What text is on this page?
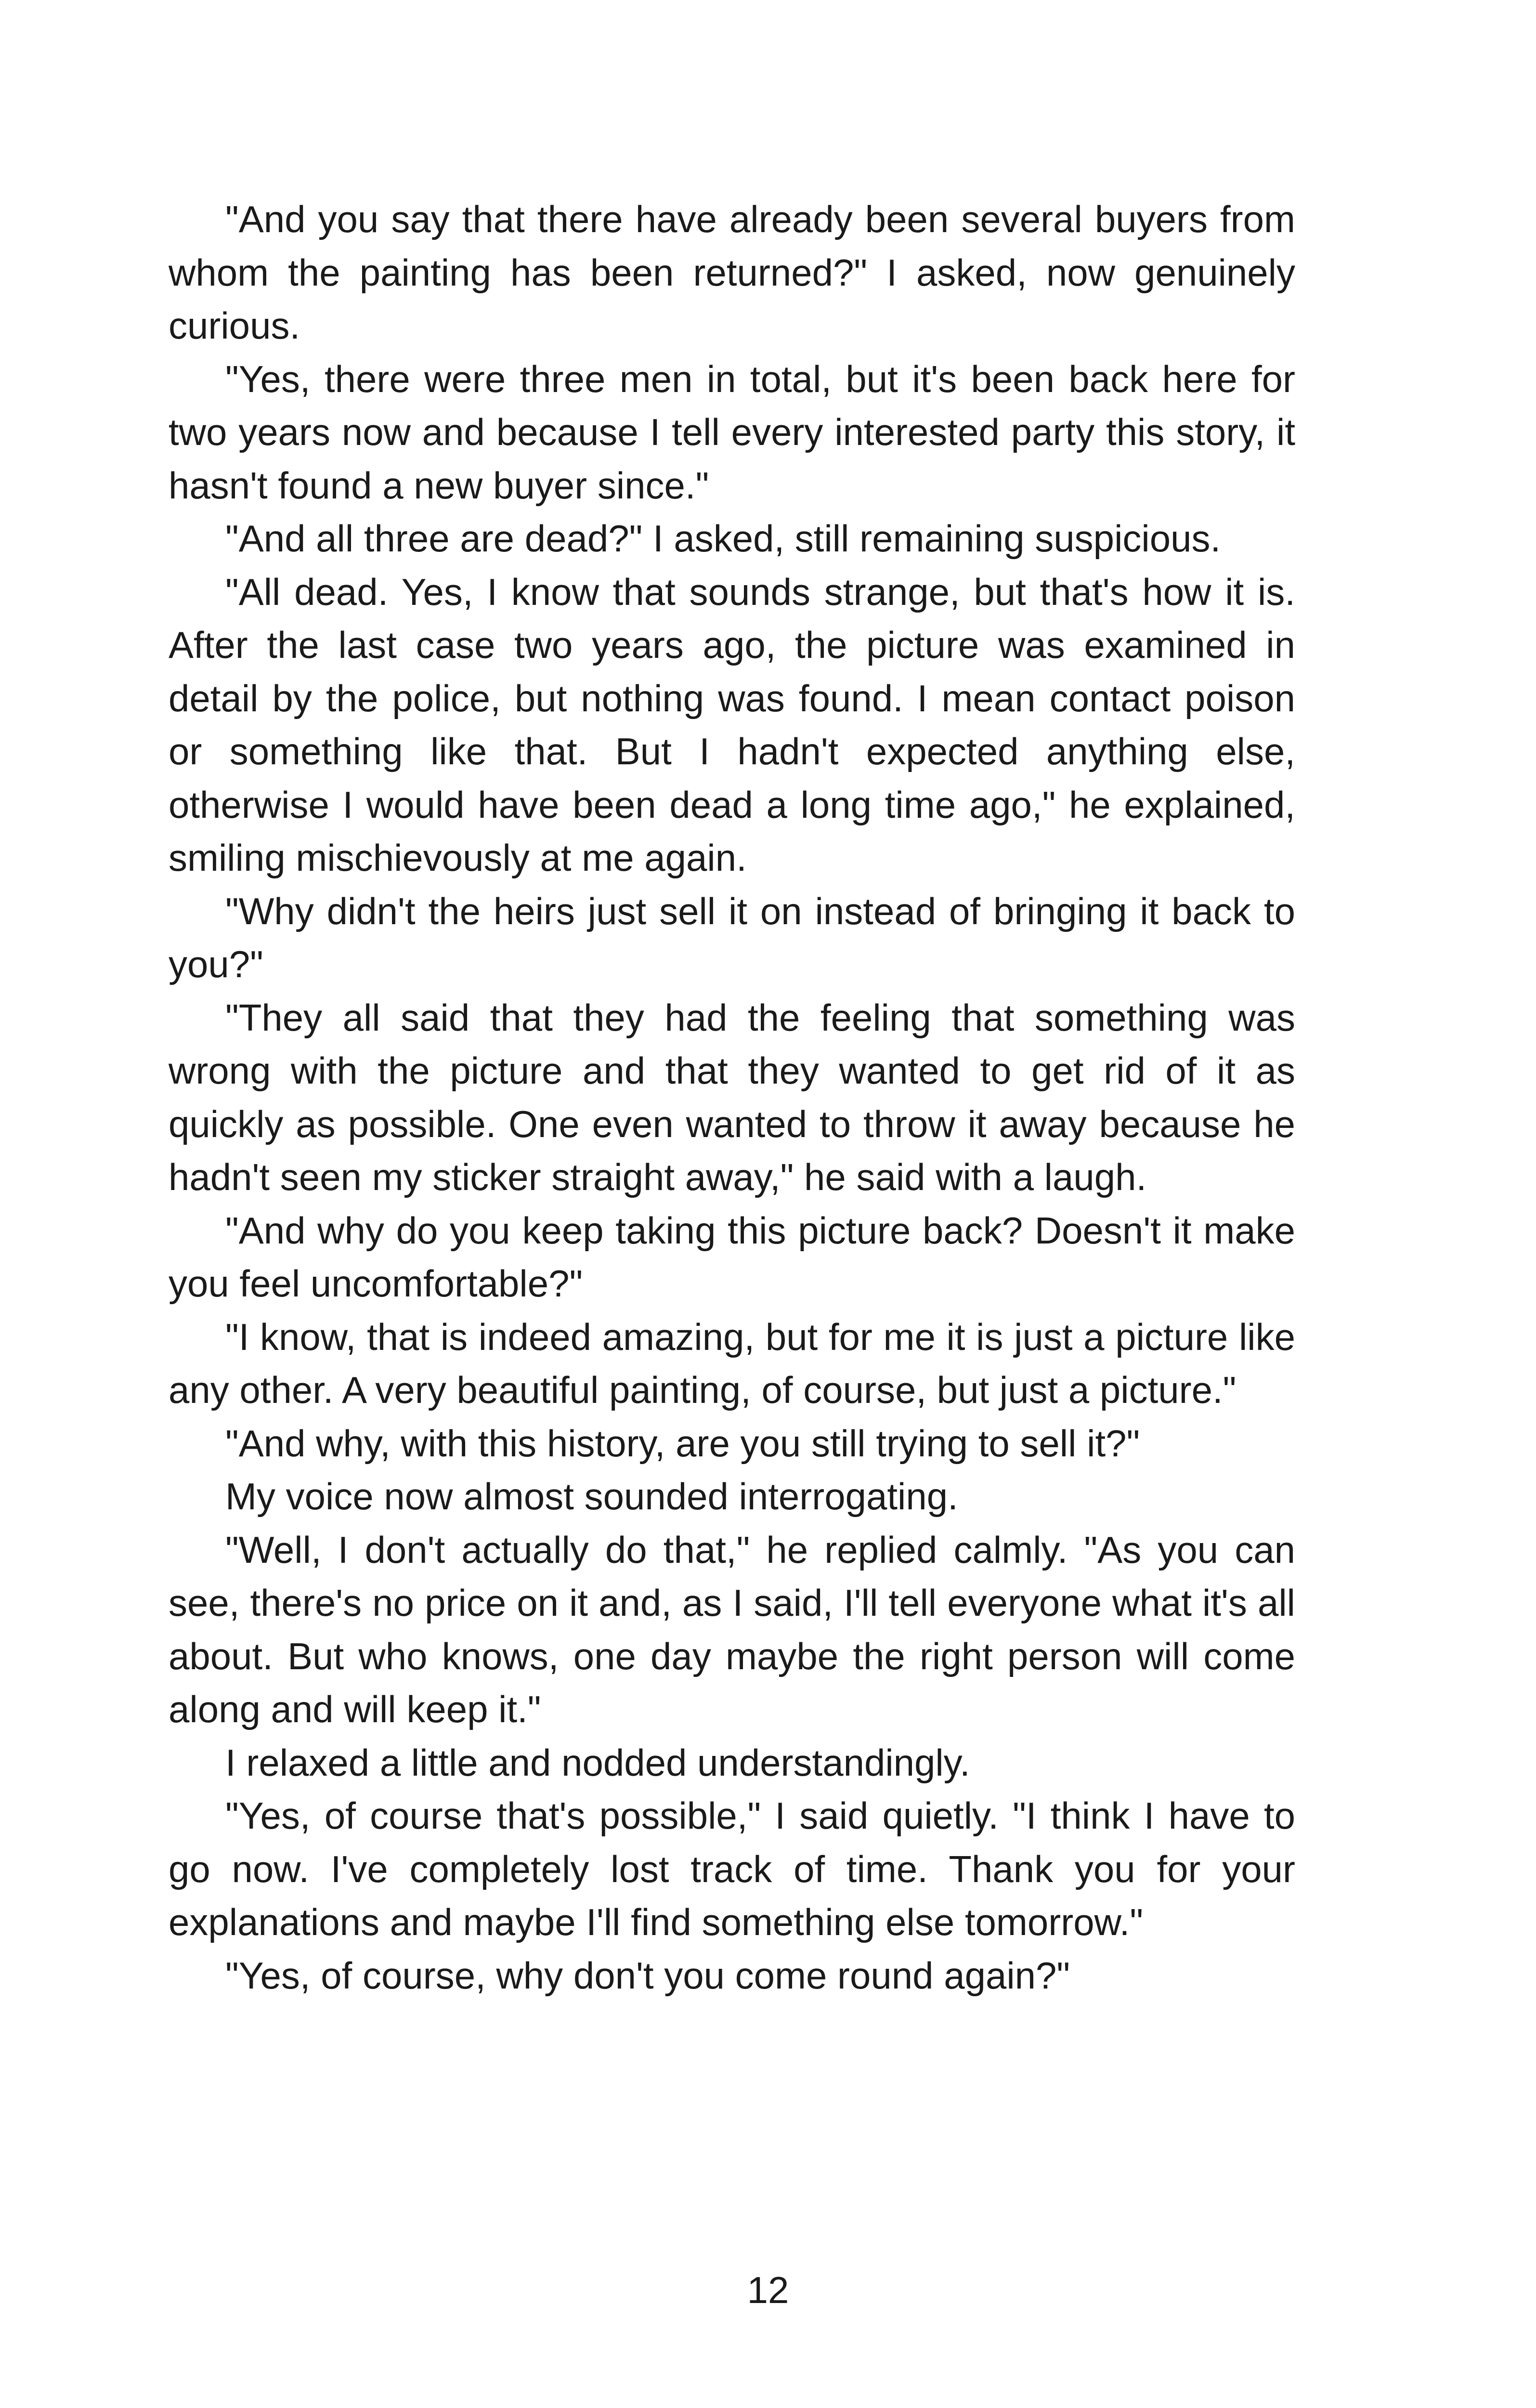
"And you say that there have already been several buyers from whom the painting has been returned?" I asked, now genuinely curious.

"Yes, there were three men in total, but it's been back here for two years now and because I tell every interested party this story, it hasn't found a new buyer since."

"And all three are dead?" I asked, still remaining suspicious.

"All dead. Yes, I know that sounds strange, but that's how it is. After the last case two years ago, the picture was examined in detail by the police, but nothing was found. I mean contact poison or something like that. But I hadn't expected anything else, otherwise I would have been dead a long time ago," he explained, smiling mischievously at me again.

"Why didn't the heirs just sell it on instead of bringing it back to you?"

"They all said that they had the feeling that something was wrong with the picture and that they wanted to get rid of it as quickly as possible. One even wanted to throw it away because he hadn't seen my sticker straight away," he said with a laugh.

"And why do you keep taking this picture back? Doesn't it make you feel uncomfortable?"

"I know, that is indeed amazing, but for me it is just a picture like any other. A very beautiful painting, of course, but just a picture."

"And why, with this history, are you still trying to sell it?"

My voice now almost sounded interrogating.

"Well, I don't actually do that," he replied calmly. "As you can see, there's no price on it and, as I said, I'll tell everyone what it's all about. But who knows, one day maybe the right person will come along and will keep it."

I relaxed a little and nodded understandingly.

"Yes, of course that's possible," I said quietly. "I think I have to go now. I've completely lost track of time. Thank you for your explanations and maybe I'll find something else tomorrow."

"Yes, of course, why don't you come round again?"

12
